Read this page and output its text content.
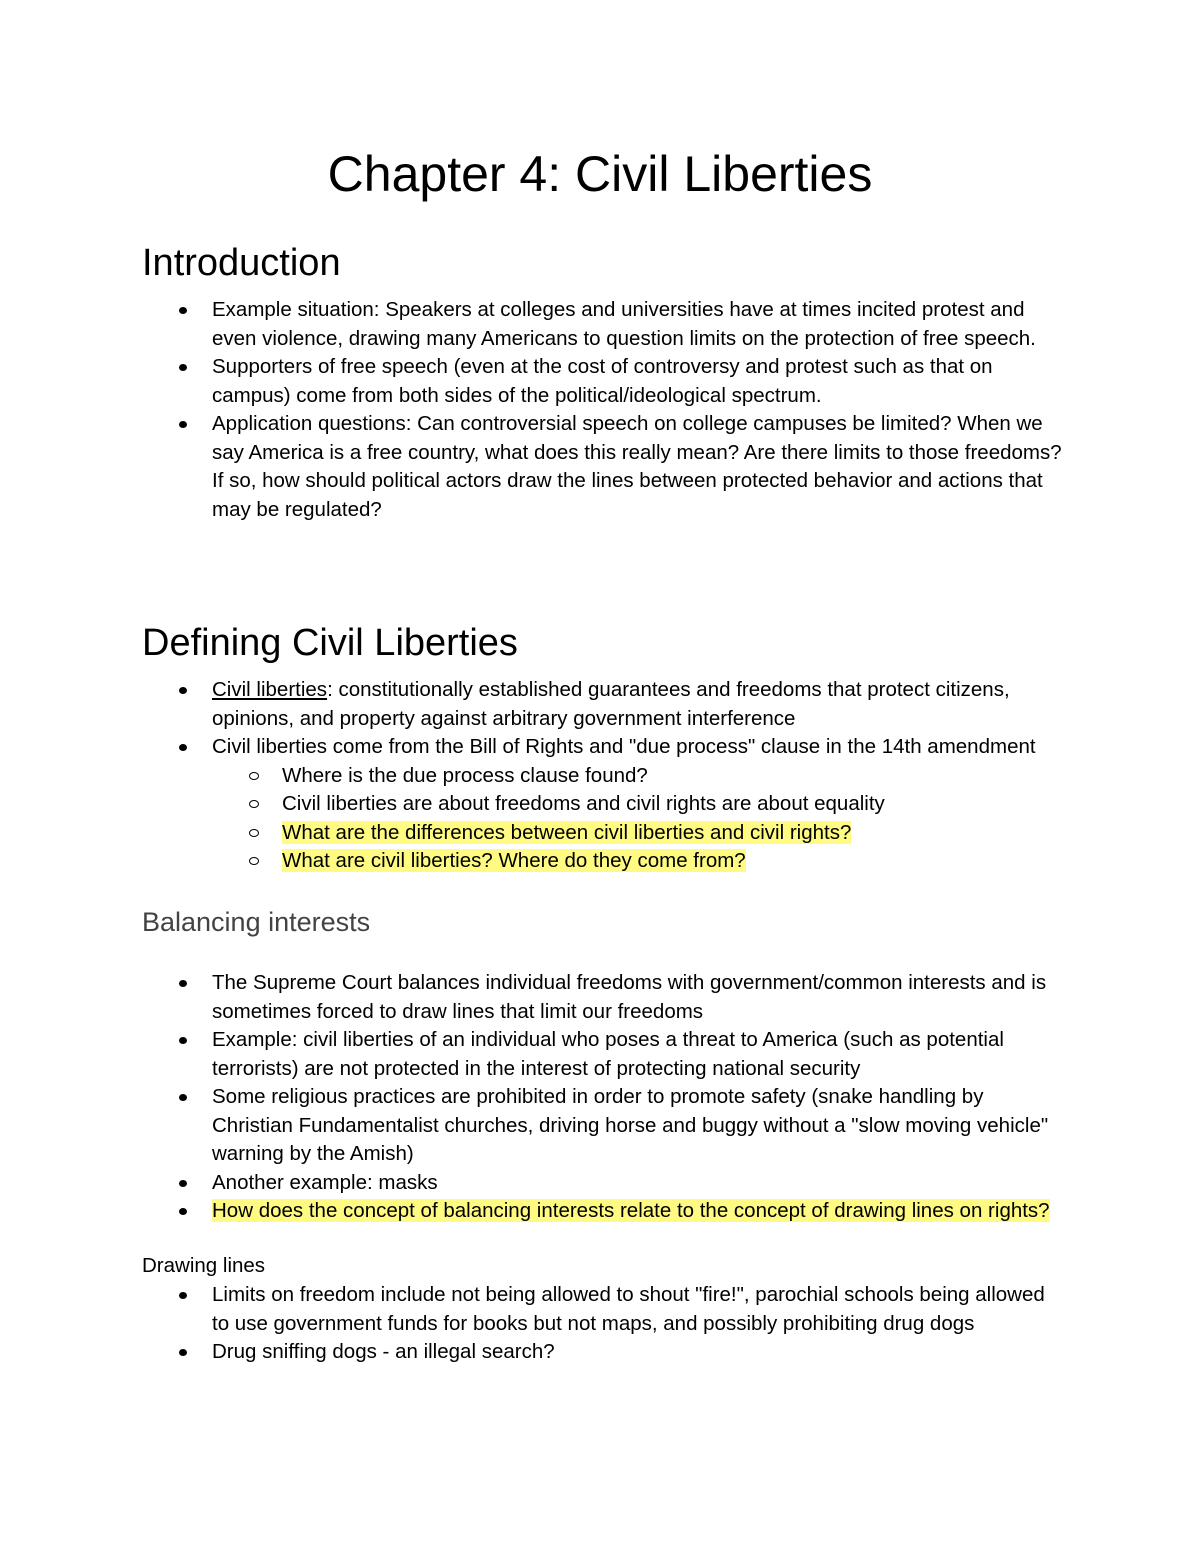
Chapter 4: Civil Liberties
Introduction
Example situation: Speakers at colleges and universities have at times incited protest and even violence, drawing many Americans to question limits on the protection of free speech.
Supporters of free speech (even at the cost of controversy and protest such as that on campus) come from both sides of the political/ideological spectrum.
Application questions: Can controversial speech on college campuses be limited? When we say America is a free country, what does this really mean? Are there limits to those freedoms? If so, how should political actors draw the lines between protected behavior and actions that may be regulated?
Defining Civil Liberties
Civil liberties: constitutionally established guarantees and freedoms that protect citizens, opinions, and property against arbitrary government interference
Civil liberties come from the Bill of Rights and "due process" clause in the 14th amendment
Where is the due process clause found?
Civil liberties are about freedoms and civil rights are about equality
What are the differences between civil liberties and civil rights?
What are civil liberties? Where do they come from?
Balancing interests
The Supreme Court balances individual freedoms with government/common interests and is sometimes forced to draw lines that limit our freedoms
Example: civil liberties of an individual who poses a threat to America (such as potential terrorists) are not protected in the interest of protecting national security
Some religious practices are prohibited in order to promote safety (snake handling by Christian Fundamentalist churches, driving horse and buggy without a "slow moving vehicle" warning by the Amish)
Another example: masks
How does the concept of balancing interests relate to the concept of drawing lines on rights?

Drawing lines

Limits on freedom include not being allowed to shout "fire!", parochial schools being allowed to use government funds for books but not maps, and possibly prohibiting drug dogs
Drug sniffing dogs - an illegal search?
